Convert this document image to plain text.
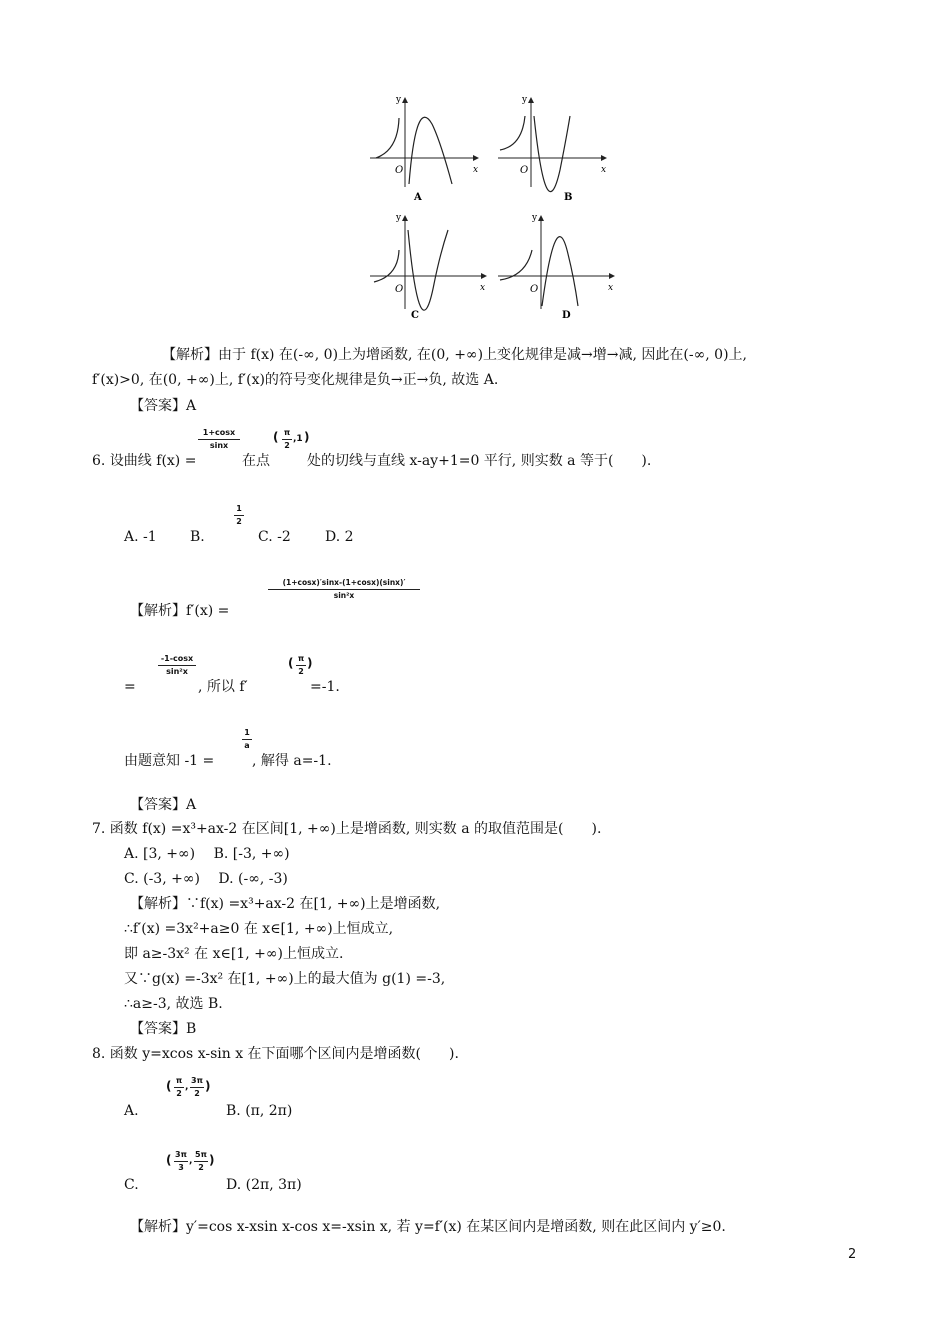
y
x
O
A
y
x
O
B
y
x
O
C
y
x
O
D
【解析】由于 f(x) 在(-∞, 0)上为增函数, 在(0, +∞)上变化规律是减→增→减, 因此在(-∞, 0)上,
f′(x)>0, 在(0, +∞)上, f′(x)的符号变化规律是负→正→负, 故选 A.
【答案】A
6. 设曲线 f(x) =
1+cosx
sinx
在点
( π
2
,1 )
处的切线与直线 x-ay+1=0 平行, 则实数 a 等于(　　).
A. -1 B.
1
2
C. -2 D. 2
【解析】f′(x) =
(1+cosx)′sinx-(1+cosx)(sinx)′
sin²x
=
-1-cosx
sin²x
, 所以 f′
( π
2
)
=-1.
由题意知 -1 =
1
a
, 解得 a=-1.
【答案】A
7. 函数 f(x) =x³+ax-2 在区间[1, +∞)上是增函数, 则实数 a 的取值范围是(　　).
A. [3, +∞)　 B. [-3, +∞)
C. (-3, +∞)　 D. (-∞, -3)
【解析】∵f(x) =x³+ax-2 在[1, +∞)上是增函数,
∴f′(x) =3x²+a≥0 在 x∈[1, +∞)上恒成立,
即 a≥-3x² 在 x∈[1, +∞)上恒成立.
又∵g(x) =-3x² 在[1, +∞)上的最大值为 g(1) =-3,
∴a≥-3, 故选 B.
【答案】B
8. 函数 y=xcos x-sin x 在下面哪个区间内是增函数(　　).
A.
( π
2
,
3π
2
)
B. (π, 2π)
C.
( 3π
3
,
5π
2
)
D. (2π, 3π)
【解析】y′=cos x-xsin x-cos x=-xsin x, 若 y=f′(x) 在某区间内是增函数, 则在此区间内 y′≥0.
2
